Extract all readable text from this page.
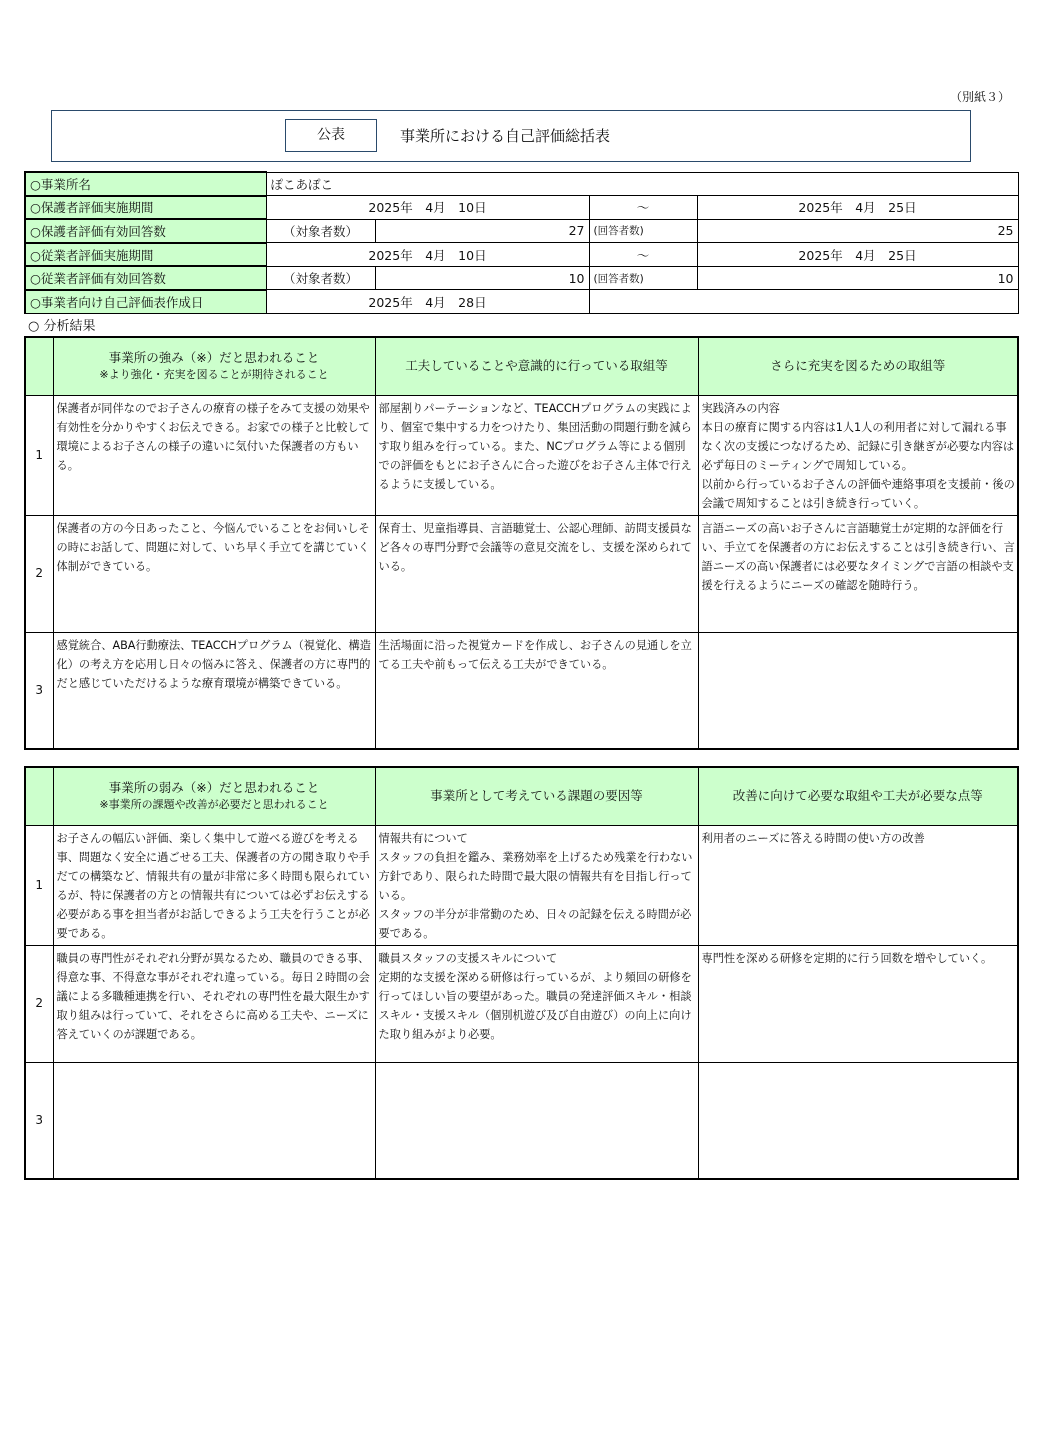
（別紙３）
公表	事業所における自己評価総括表
○事業所名	ぽこあぽこ			
○保護者評価実施期間	2025年　4月　10日		～	2025年　4月　25日
○保護者評価有効回答数	（対象者数）	27	(回答者数)	25
○従業者評価実施期間	2025年　4月　10日		～	2025年　4月　25日
○従業者評価有効回答数	（対象者数）	10	(回答者数)	10
○事業者向け自己評価表作成日	2025年　4月　28日			
○ 分析結果
	事業所の強み（※）だと思われること
※より強化・充実を図ることが期待されること	工夫していることや意識的に行っている取組等	さらに充実を図るための取組等
1	保護者が同伴なのでお子さんの療育の様子をみて支援の効果や有効性を分かりやすくお伝えできる。お家での様子と比較して環境によるお子さんの様子の違いに気付いた保護者の方もいる。	部屋割りパーテーションなど、TEACCHプログラムの実践により、個室で集中する力をつけたり、集団活動の問題行動を減らす取り組みを行っている。また、NCプログラム等による個別での評価をもとにお子さんに合った遊びをお子さん主体で行えるように支援している。	実践済みの内容
本日の療育に関する内容は1人1人の利用者に対して漏れる事なく次の支援につなげるため、記録に引き継ぎが必要な内容は必ず毎日のミーティングで周知している。
以前から行っているお子さんの評価や連絡事項を支援前・後の会議で周知することは引き続き行っていく。

2	保護者の方の今日あったこと、今悩んでいることをお伺いしその時にお話して、問題に対して、いち早く手立てを講じていく体制ができている。	保育士、児童指導員、言語聴覚士、公認心理師、訪問支援員など各々の専門分野で会議等の意見交流をし、支援を深められている。	言語ニーズの高いお子さんに言語聴覚士が定期的な評価を行い、手立てを保護者の方にお伝えすることは引き続き行い、言語ニーズの高い保護者には必要なタイミングで言語の相談や支援を行えるようにニーズの確認を随時行う。

3	感覚統合、ABA行動療法、TEACCHプログラム（視覚化、構造化）の考え方を応用し日々の悩みに答え、保護者の方に専門的だと感じていただけるような療育環境が構築できている。	生活場面に沿った視覚カードを作成し、お子さんの見通しを立てる工夫や前もって伝える工夫ができている。	

	事業所の弱み（※）だと思われること
※事業所の課題や改善が必要だと思われること	事業所として考えている課題の要因等	改善に向けて必要な取組や工夫が必要な点等
1	お子さんの幅広い評価、楽しく集中して遊べる遊びを考える事、問題なく安全に過ごせる工夫、保護者の方の聞き取りや手だての構築など、情報共有の量が非常に多く時間も限られているが、特に保護者の方との情報共有については必ずお伝えする必要がある事を担当者がお話しできるよう工夫を行うことが必要である。	情報共有について
スタッフの負担を鑑み、業務効率を上げるため残業を行わない方針であり、限られた時間で最大限の情報共有を目指し行っている。
スタッフの半分が非常勤のため、日々の記録を伝える時間が必要である。	利用者のニーズに答える時間の使い方の改善

2	職員の専門性がそれぞれ分野が異なるため、職員のできる事、得意な事、不得意な事がそれぞれ違っている。毎日２時間の会議による多職種連携を行い、それぞれの専門性を最大限生かす取り組みは行っていて、それをさらに高める工夫や、ニーズに答えていくのが課題である。	職員スタッフの支援スキルについて
定期的な支援を深める研修は行っているが、より頻回の研修を行ってほしい旨の要望があった。職員の発達評価スキル・相談スキル・支援スキル（個別机遊び及び自由遊び）の向上に向けた取り組みがより必要。	専門性を深める研修を定期的に行う回数を増やしていく。

3	
